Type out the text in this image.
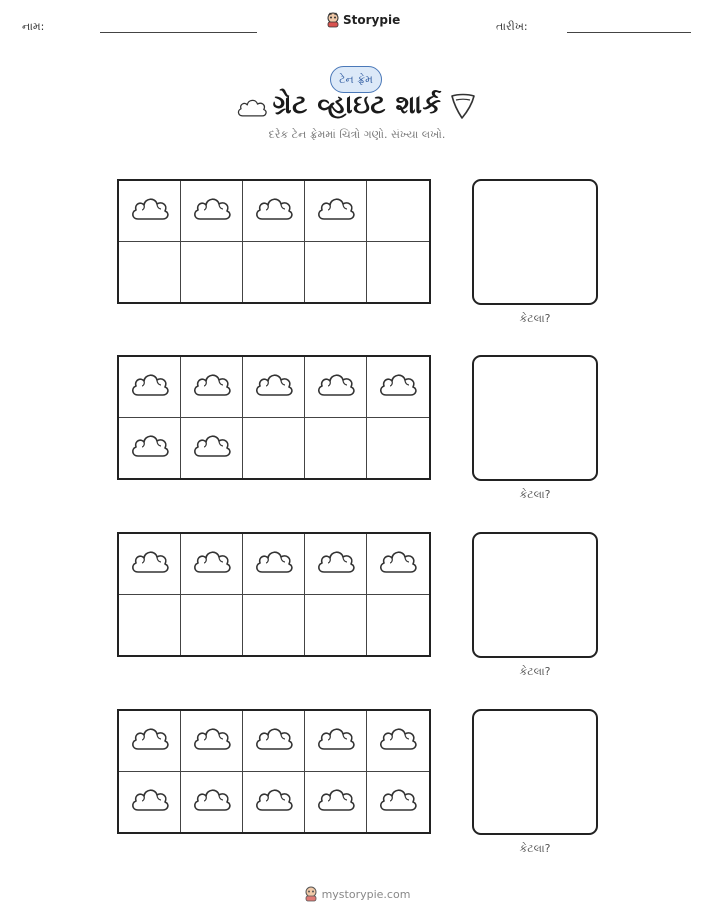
નામ:	Storypie	તારીખ:
ટેન ફ્રેમ
ગ્રેટ વ્હાઇટ શાર્ક
દરેક ટેન ફ્રેમમાં ચિત્રો ગણો. સંખ્યા લખો.
કેટલા?
કેટલા?
કેટલા?
કેટલા?
mystorypie.com
